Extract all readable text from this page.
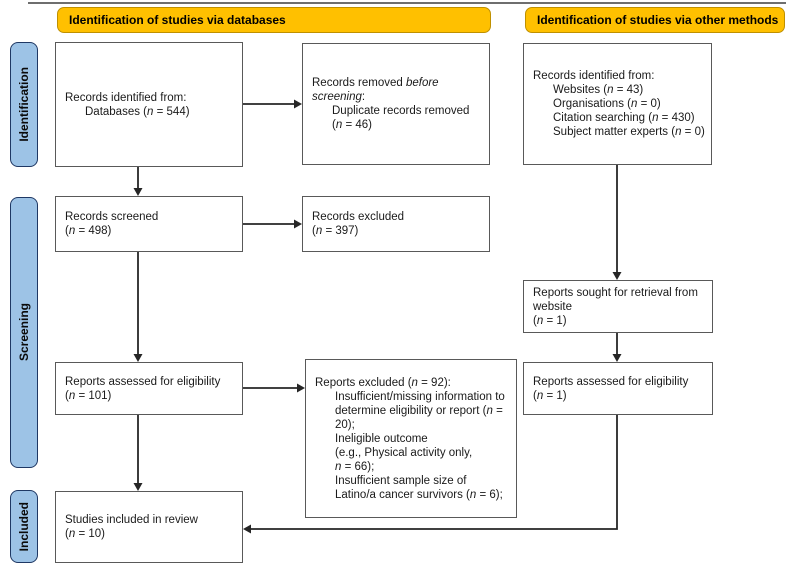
Identification of studies via databases	Identification of studies via other methods
Identification
Screening
Included
Records identified from:
Databases (n = 544)
Records removed before
screening:
Duplicate records removed
(n = 46)
Records screened
(n = 498)
Records excluded
(n = 397)
Reports assessed for eligibility
(n = 101)
Reports excluded (n = 92):
Insufficient/missing information to
determine eligibility or report (n =
20);
Ineligible outcome
(e.g., Physical activity only,
n = 66);
Insufficient sample size of
Latino/a cancer survivors (n = 6);
Studies included in review
(n = 10)
Records identified from:
Websites (n = 43)
Organisations (n = 0)
Citation searching (n = 430)
Subject matter experts (n = 0)
Reports sought for retrieval from
website
(n = 1)
Reports assessed for eligibility
(n = 1)
